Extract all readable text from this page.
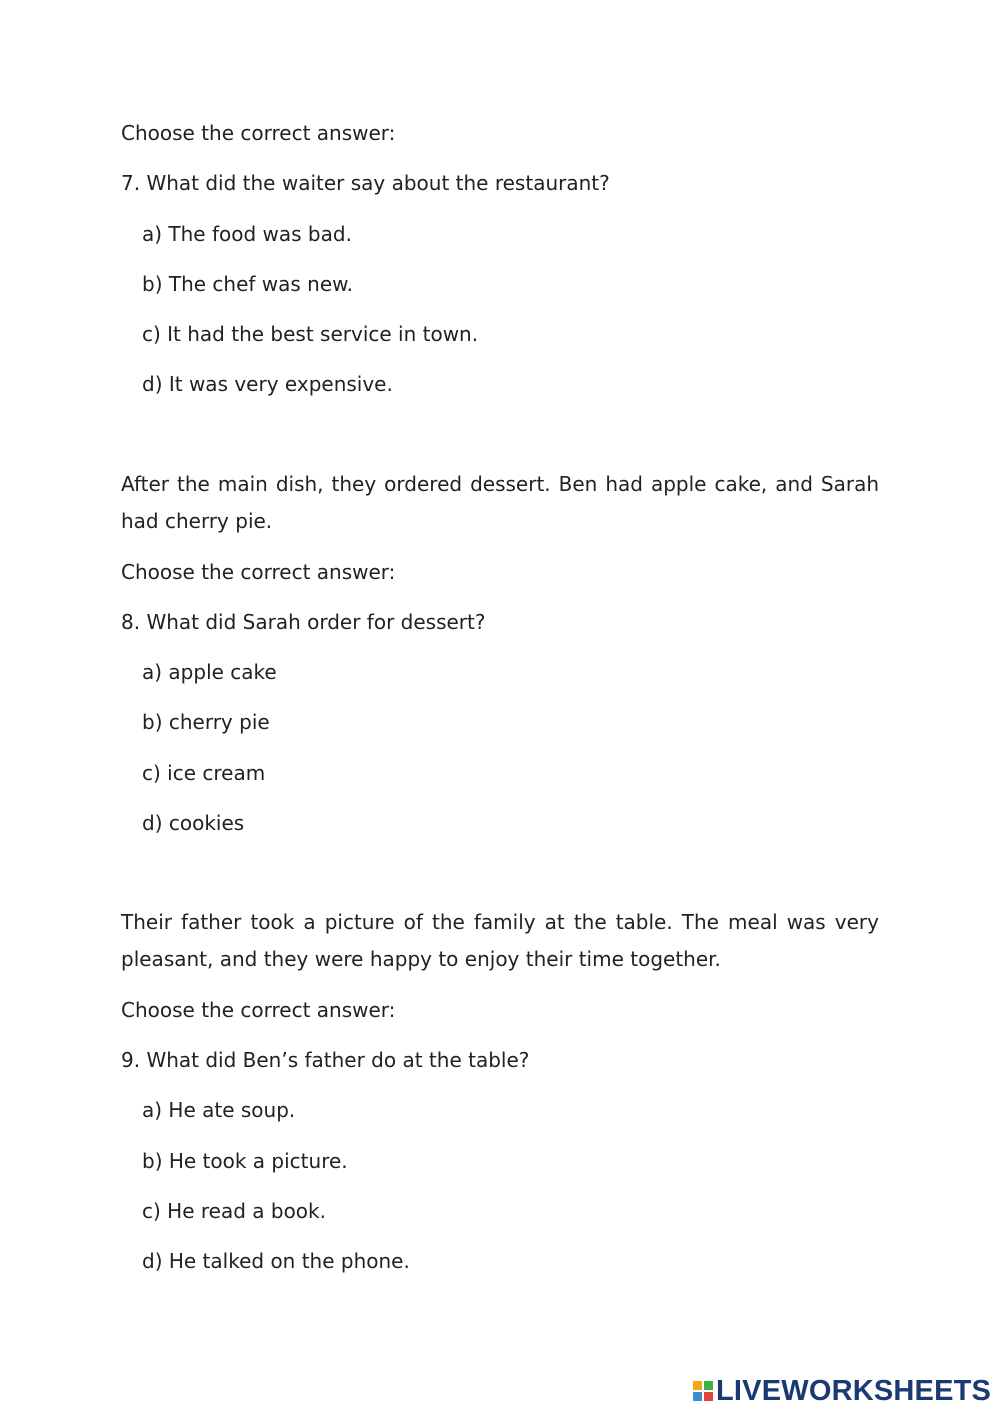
Choose the correct answer:
7. What did the waiter say about the restaurant?
a) The food was bad.
b) The chef was new.
c) It had the best service in town.
d) It was very expensive.
After the main dish, they ordered dessert. Ben had apple cake, and Sarah had cherry pie.
Choose the correct answer:
8. What did Sarah order for dessert?
a) apple cake
b) cherry pie
c) ice cream
d) cookies
Their father took a picture of the family at the table. The meal was very pleasant, and they were happy to enjoy their time together.
Choose the correct answer:
9. What did Ben’s father do at the table?
a) He ate soup.
b) He took a picture.
c) He read a book.
d) He talked on the phone.
LIVEWORKSHEETS
